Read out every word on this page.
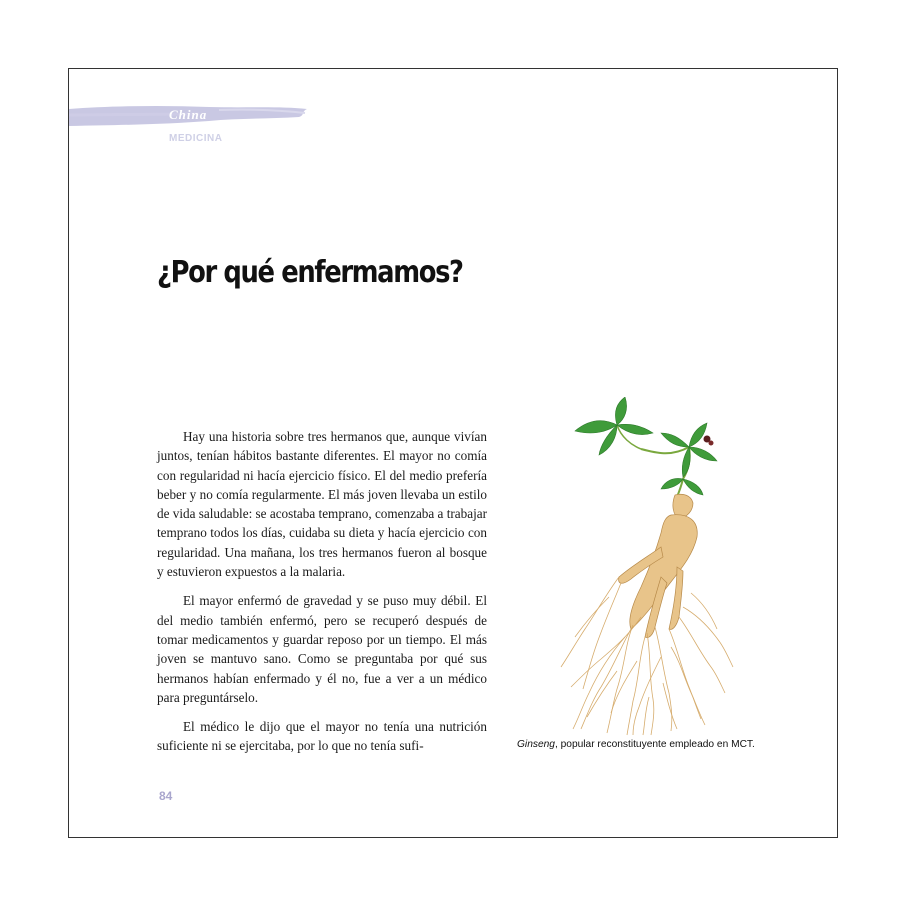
CULTURA
China
MEDICINA
¿Por qué enfermamos?

Hay una historia sobre tres hermanos que, aunque vivían juntos, tenían hábitos bastante diferentes. El mayor no comía con regularidad ni hacía ejercicio físico. El del medio prefería beber y no comía regularmente. El más joven llevaba un estilo de vida saludable: se acostaba temprano, comenzaba a trabajar temprano todos los días, cuidaba su dieta y hacía ejercicio con regularidad. Una mañana, los tres hermanos fueron al bosque y estuvieron expuestos a la malaria.

El mayor enfermó de gravedad y se puso muy débil. El del medio también enfermó, pero se recuperó después de tomar medicamentos y guardar reposo por un tiempo. El más joven se mantuvo sano. Como se preguntaba por qué sus hermanos habían enfermado y él no, fue a ver a un médico para preguntárselo.

El médico le dijo que el mayor no tenía una nutrición suficiente ni se ejercitaba, por lo que no tenía sufi-	Ginseng, popular reconstituyente empleado en MCT.
84
